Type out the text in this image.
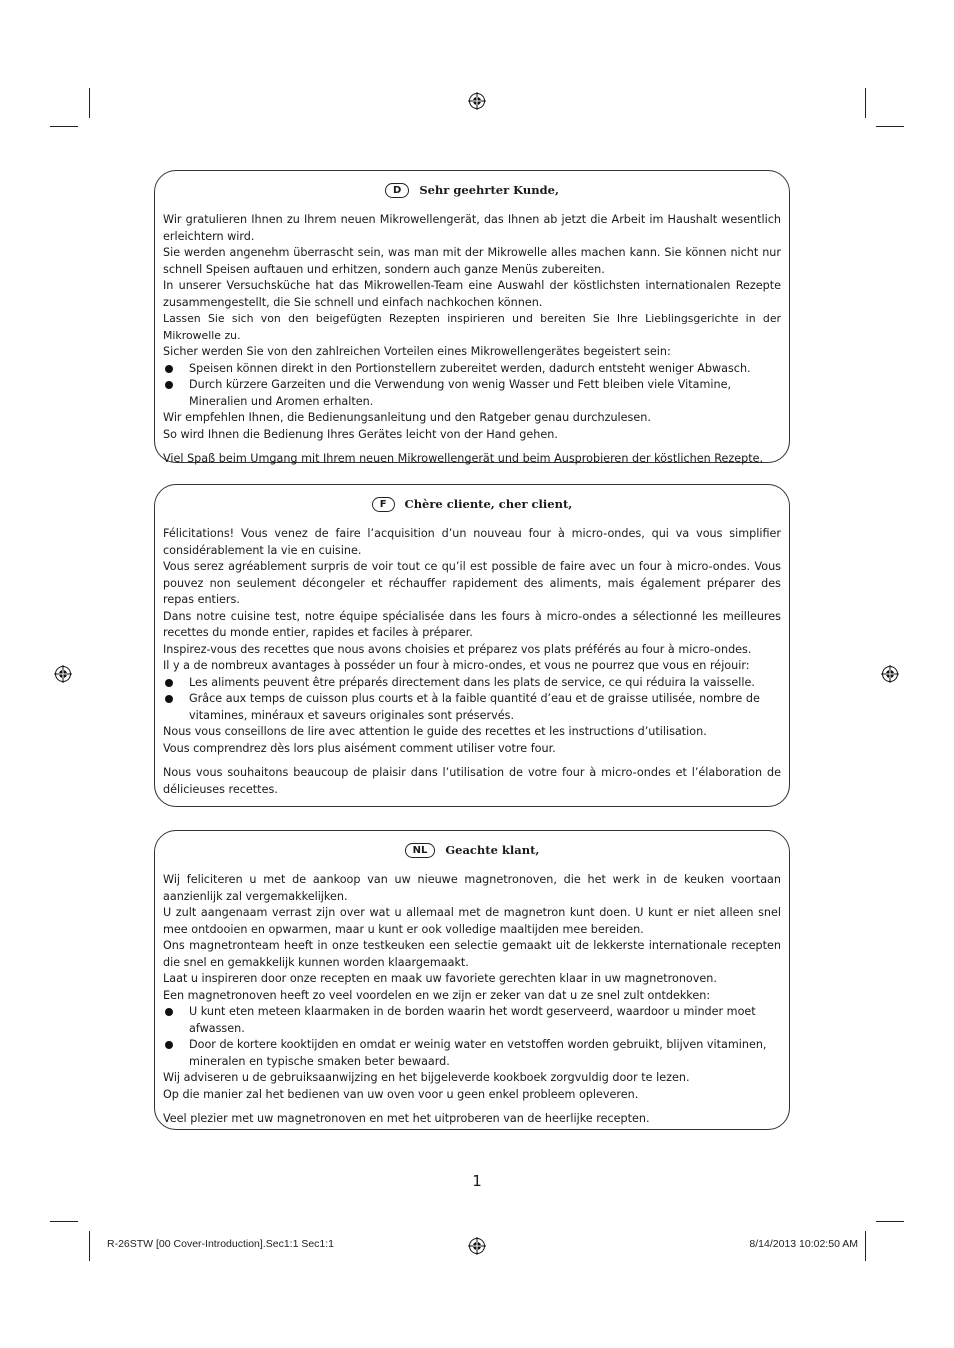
D Sehr geehrter Kunde,

Wir gratulieren Ihnen zu Ihrem neuen Mikrowellengerät, das Ihnen ab jetzt die Arbeit im Haushalt wesentlich erleichtern wird.

Sie werden angenehm überrascht sein, was man mit der Mikrowelle alles machen kann. Sie können nicht nur schnell Speisen auftauen und erhitzen, sondern auch ganze Menüs zubereiten.

In unserer Versuchsküche hat das Mikrowellen-Team eine Auswahl der köstlichsten internationalen Rezepte zusammengestellt, die Sie schnell und einfach nachkochen können.

Lassen Sie sich von den beigefügten Rezepten inspirieren und bereiten Sie Ihre Lieblingsgerichte in der Mikrowelle zu.

Sicher werden Sie von den zahlreichen Vorteilen eines Mikrowellengerätes begeistert sein:

Speisen können direkt in den Portionstellern zubereitet werden, dadurch entsteht weniger Abwasch.
Durch kürzere Garzeiten und die Verwendung von wenig Wasser und Fett bleiben viele Vitamine, Mineralien und Aromen erhalten.

Wir empfehlen Ihnen, die Bedienungsanleitung und den Ratgeber genau durchzulesen.

So wird Ihnen die Bedienung Ihres Gerätes leicht von der Hand gehen.

Viel Spaß beim Umgang mit Ihrem neuen Mikrowellengerät und beim Ausprobieren der köstlichen Rezepte.

F Chère cliente, cher client,

Félicitations! Vous venez de faire l’acquisition d’un nouveau four à micro-ondes, qui va vous simplifier considérablement la vie en cuisine.

Vous serez agréablement surpris de voir tout ce qu’il est possible de faire avec un four à micro-ondes. Vous pouvez non seulement décongeler et réchauffer rapidement des aliments, mais également préparer des repas entiers.

Dans notre cuisine test, notre équipe spécialisée dans les fours à micro-ondes a sélectionné les meilleures recettes du monde entier, rapides et faciles à préparer.

Inspirez-vous des recettes que nous avons choisies et préparez vos plats préférés au four à micro-ondes.

Il y a de nombreux avantages à posséder un four à micro-ondes, et vous ne pourrez que vous en réjouir:

Les aliments peuvent être préparés directement dans les plats de service, ce qui réduira la vaisselle.
Grâce aux temps de cuisson plus courts et à la faible quantité d’eau et de graisse utilisée, nombre de vitamines, minéraux et saveurs originales sont préservés.

Nous vous conseillons de lire avec attention le guide des recettes et les instructions d’utilisation.

Vous comprendrez dès lors plus aisément comment utiliser votre four.

Nous vous souhaitons beaucoup de plaisir dans l’utilisation de votre four à micro-ondes et l’élaboration de délicieuses recettes.

NL Geachte klant,

Wij feliciteren u met de aankoop van uw nieuwe magnetronoven, die het werk in de keuken voortaan aanzienlijk zal vergemakkelijken.

U zult aangenaam verrast zijn over wat u allemaal met de magnetron kunt doen. U kunt er niet alleen snel mee ontdooien en opwarmen, maar u kunt er ook volledige maaltijden mee bereiden.

Ons magnetronteam heeft in onze testkeuken een selectie gemaakt uit de lekkerste internationale recepten die snel en gemakkelijk kunnen worden klaargemaakt.

Laat u inspireren door onze recepten en maak uw favoriete gerechten klaar in uw magnetronoven.

Een magnetronoven heeft zo veel voordelen en we zijn er zeker van dat u ze snel zult ontdekken:

U kunt eten meteen klaarmaken in de borden waarin het wordt geserveerd, waardoor u minder moet afwassen.
Door de kortere kooktijden en omdat er weinig water en vetstoffen worden gebruikt, blijven vitaminen, mineralen en typische smaken beter bewaard.

Wij adviseren u de gebruiksaanwijzing en het bijgeleverde kookboek zorgvuldig door te lezen.

Op die manier zal het bedienen van uw oven voor u geen enkel probleem opleveren.

Veel plezier met uw magnetronoven en met het uitproberen van de heerlijke recepten.

1
R-26STW [00 Cover-Introduction].Sec1:1 Sec1:1	8/14/2013 10:02:50 AM
